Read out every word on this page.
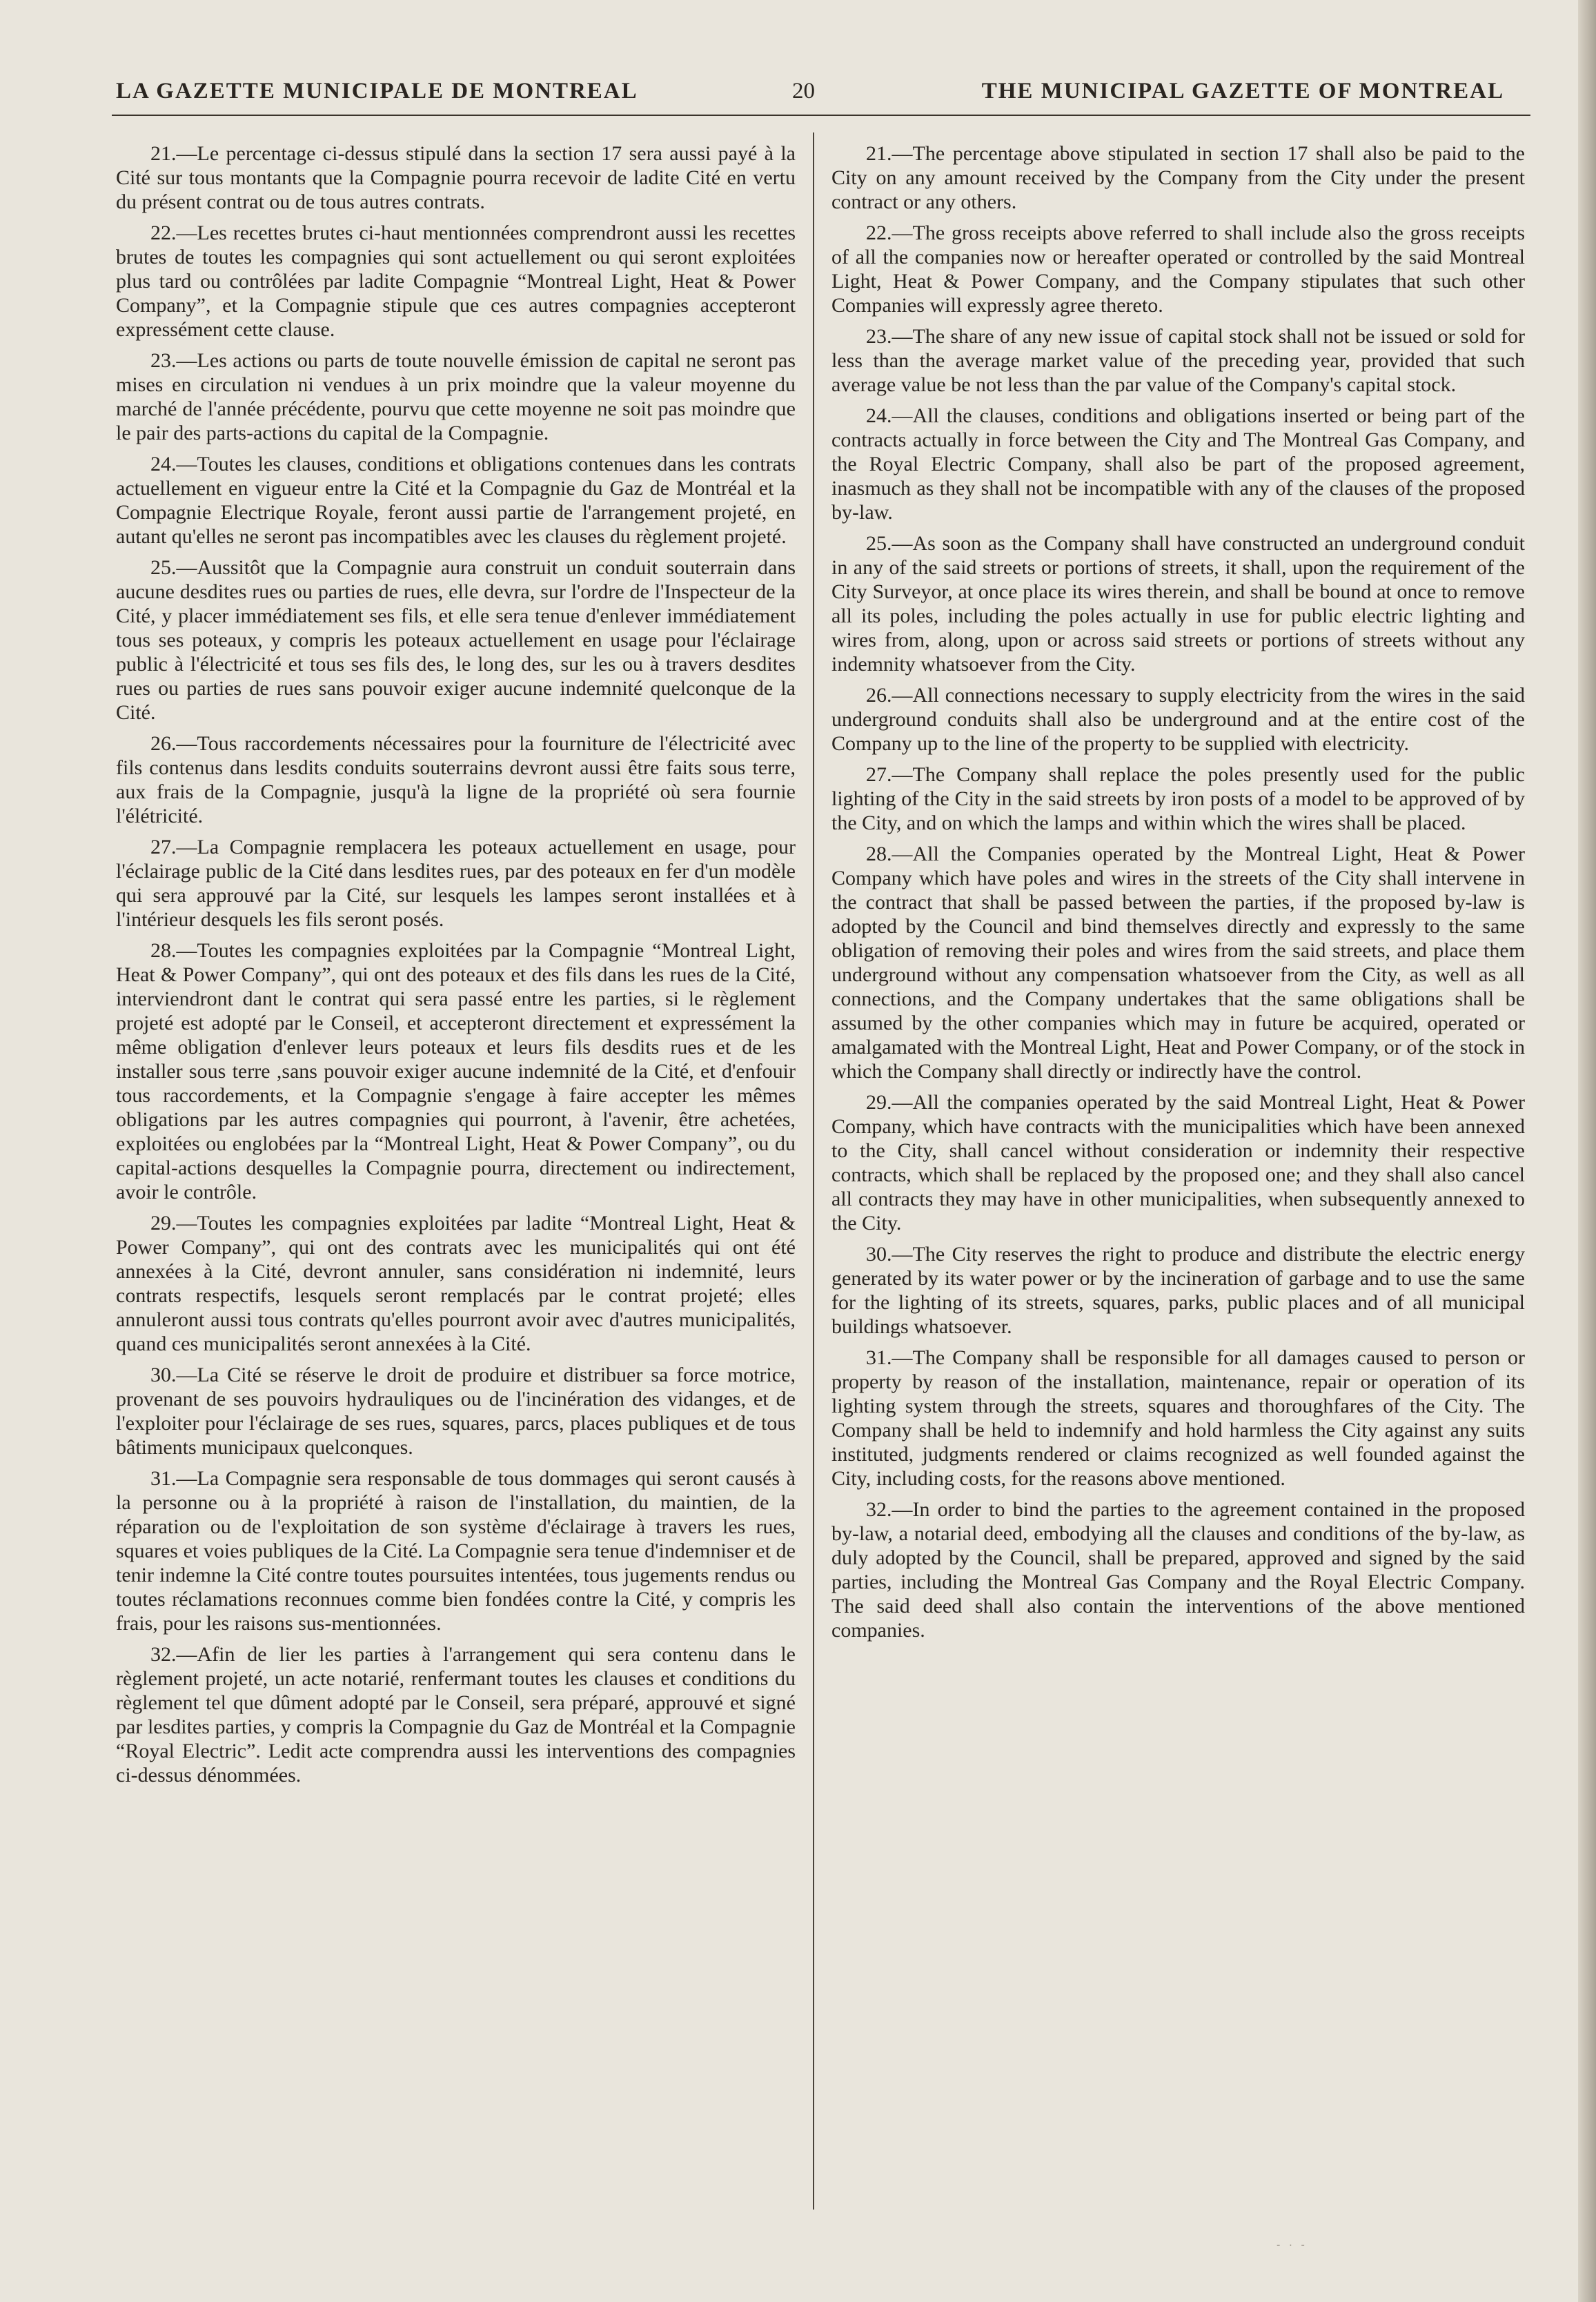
LA GAZETTE MUNICIPALE DE MONTREAL	20	THE MUNICIPAL GAZETTE OF MONTREAL

21.—Le percentage ci-dessus stipulé dans la section 17 sera aussi payé à la Cité sur tous montants que la Compagnie pourra recevoir de ladite Cité en vertu du présent contrat ou de tous autres contrats.

22.—Les recettes brutes ci-haut mentionnées comprendront aussi les recettes brutes de toutes les compagnies qui sont actuellement ou qui seront exploitées plus tard ou contrôlées par ladite Compagnie “Montreal Light, Heat & Power Company”, et la Compagnie stipule que ces autres compagnies accepteront expressément cette clause.

23.—Les actions ou parts de toute nouvelle émission de capital ne seront pas mises en circulation ni vendues à un prix moindre que la valeur moyenne du marché de l'année précédente, pourvu que cette moyenne ne soit pas moindre que le pair des parts-actions du capital de la Compagnie.

24.—Toutes les clauses, conditions et obligations contenues dans les contrats actuellement en vigueur entre la Cité et la Compagnie du Gaz de Montréal et la Compagnie Electrique Royale, feront aussi partie de l'arrangement projeté, en autant qu'elles ne seront pas incompatibles avec les clauses du règlement projeté.

25.—Aussitôt que la Compagnie aura construit un conduit souterrain dans aucune desdites rues ou parties de rues, elle devra, sur l'ordre de l'Inspecteur de la Cité, y placer immédiatement ses fils, et elle sera tenue d'enlever immédiatement tous ses poteaux, y compris les poteaux actuellement en usage pour l'éclairage public à l'électricité et tous ses fils des, le long des, sur les ou à travers desdites rues ou parties de rues sans pouvoir exiger aucune indemnité quelconque de la Cité.

26.—Tous raccordements nécessaires pour la fourniture de l'électricité avec fils contenus dans lesdits conduits souterrains devront aussi être faits sous terre, aux frais de la Compagnie, jusqu'à la ligne de la propriété où sera fournie l'élétricité.

27.—La Compagnie remplacera les poteaux actuellement en usage, pour l'éclairage public de la Cité dans lesdites rues, par des poteaux en fer d'un modèle qui sera approuvé par la Cité, sur lesquels les lampes seront installées et à l'intérieur desquels les fils seront posés.

28.—Toutes les compagnies exploitées par la Compagnie “Montreal Light, Heat & Power Company”, qui ont des poteaux et des fils dans les rues de la Cité, interviendront dant le contrat qui sera passé entre les parties, si le règlement projeté est adopté par le Conseil, et accepteront directement et expressément la même obligation d'enlever leurs poteaux et leurs fils desdits rues et de les installer sous terre ,sans pouvoir exiger aucune indemnité de la Cité, et d'enfouir tous raccordements, et la Compagnie s'engage à faire accepter les mêmes obligations par les autres compagnies qui pourront, à l'avenir, être achetées, exploitées ou englobées par la “Montreal Light, Heat & Power Company”, ou du capital-actions desquelles la Compagnie pourra, directement ou indirectement, avoir le contrôle.

29.—Toutes les compagnies exploitées par ladite “Montreal Light, Heat & Power Company”, qui ont des contrats avec les municipalités qui ont été annexées à la Cité, devront annuler, sans considération ni indemnité, leurs contrats respectifs, lesquels seront remplacés par le contrat projeté; elles annuleront aussi tous contrats qu'elles pourront avoir avec d'autres municipalités, quand ces municipalités seront annexées à la Cité.

30.—La Cité se réserve le droit de produire et distribuer sa force motrice, provenant de ses pouvoirs hydrauliques ou de l'incinération des vidanges, et de l'exploiter pour l'éclairage de ses rues, squares, parcs, places publiques et de tous bâtiments municipaux quelconques.

31.—La Compagnie sera responsable de tous dommages qui seront causés à la personne ou à la propriété à raison de l'installation, du maintien, de la réparation ou de l'exploitation de son système d'éclairage à travers les rues, squares et voies publiques de la Cité. La Compagnie sera tenue d'indemniser et de tenir indemne la Cité contre toutes poursuites intentées, tous jugements rendus ou toutes réclamations reconnues comme bien fondées contre la Cité, y compris les frais, pour les raisons sus-mentionnées.

32.—Afin de lier les parties à l'arrangement qui sera contenu dans le règlement projeté, un acte notarié, renfermant toutes les clauses et conditions du règlement tel que dûment adopté par le Conseil, sera préparé, approuvé et signé par lesdites parties, y compris la Compagnie du Gaz de Montréal et la Compagnie “Royal Electric”. Ledit acte comprendra aussi les interventions des compagnies ci-dessus dénommées.

21.—The percentage above stipulated in section 17 shall also be paid to the City on any amount received by the Company from the City under the present contract or any others.

22.—The gross receipts above referred to shall include also the gross receipts of all the companies now or hereafter operated or controlled by the said Montreal Light, Heat & Power Company, and the Company stipulates that such other Companies will expressly agree thereto.

23.—The share of any new issue of capital stock shall not be issued or sold for less than the average market value of the preceding year, provided that such average value be not less than the par value of the Company's capital stock.

24.—All the clauses, conditions and obligations inserted or being part of the contracts actually in force between the City and The Montreal Gas Company, and the Royal Electric Company, shall also be part of the proposed agreement, inasmuch as they shall not be incompatible with any of the clauses of the proposed by-law.

25.—As soon as the Company shall have constructed an underground conduit in any of the said streets or portions of streets, it shall, upon the requirement of the City Surveyor, at once place its wires therein, and shall be bound at once to remove all its poles, including the poles actually in use for public electric lighting and wires from, along, upon or across said streets or portions of streets without any indemnity whatsoever from the City.

26.—All connections necessary to supply electricity from the wires in the said underground conduits shall also be underground and at the entire cost of the Company up to the line of the property to be supplied with electricity.

27.—The Company shall replace the poles presently used for the public lighting of the City in the said streets by iron posts of a model to be approved of by the City, and on which the lamps and within which the wires shall be placed.

28.—All the Companies operated by the Montreal Light, Heat & Power Company which have poles and wires in the streets of the City shall intervene in the contract that shall be passed between the parties, if the proposed by-law is adopted by the Council and bind themselves directly and expressly to the same obligation of removing their poles and wires from the said streets, and place them underground without any compensation whatsoever from the City, as well as all connections, and the Company undertakes that the same obligations shall be assumed by the other companies which may in future be acquired, operated or amalgamated with the Montreal Light, Heat and Power Company, or of the stock in which the Company shall directly or indirectly have the control.

29.—All the companies operated by the said Montreal Light, Heat & Power Company, which have contracts with the municipalities which have been annexed to the City, shall cancel without consideration or indemnity their respective contracts, which shall be replaced by the proposed one; and they shall also cancel all contracts they may have in other municipalities, when subsequently annexed to the City.

30.—The City reserves the right to produce and distribute the electric energy generated by its water power or by the incineration of garbage and to use the same for the lighting of its streets, squares, parks, public places and of all municipal buildings whatsoever.

31.—The Company shall be responsible for all damages caused to person or property by reason of the installation, maintenance, repair or operation of its lighting system through the streets, squares and thoroughfares of the City. The Company shall be held to indemnify and hold harmless the City against any suits instituted, judgments rendered or claims recognized as well founded against the City, including costs, for the reasons above mentioned.

32.—In order to bind the parties to the agreement contained in the proposed by-law, a notarial deed, embodying all the clauses and conditions of the by-law, as duly adopted by the Council, shall be prepared, approved and signed by the said parties, including the Montreal Gas Company and the Royal Electric Company. The said deed shall also contain the interventions of the above mentioned companies.

- · -
